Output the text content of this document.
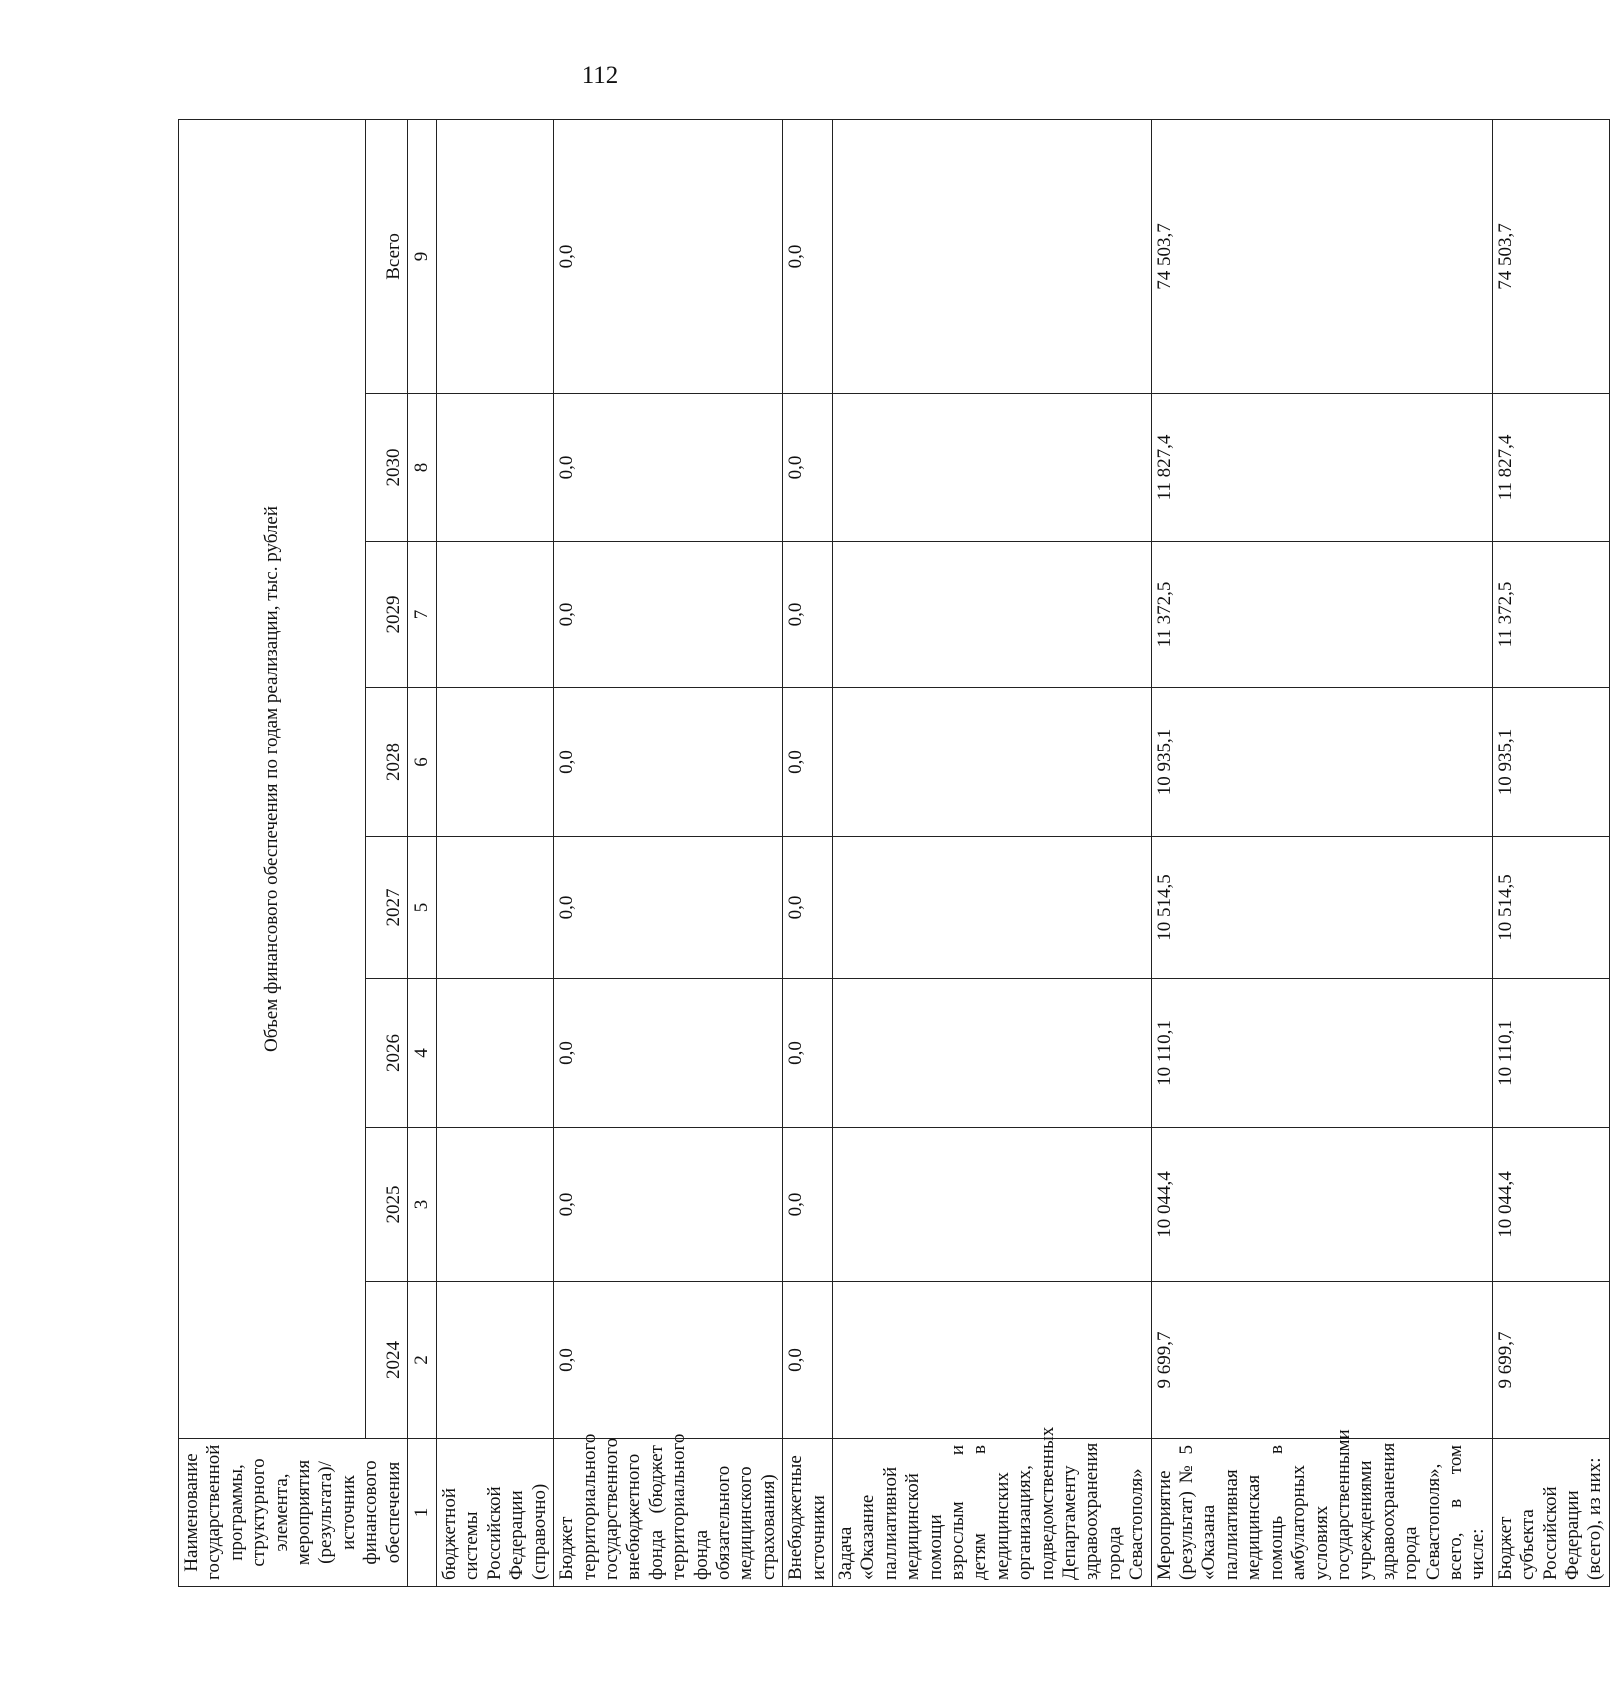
112
Наименование государственной программы, структурного элемента, мероприятия (результата)/источник финансового обеспечения	Объем финансового обеспечения по годам реализации, тыс. рублей							
	2024	2025	2026	2027	2028	2029	2030	Всего
1	2	3	4	5	6	7	8	9
бюджетной системы Российской Федерации (справочно)								
Бюджет территориального государственного внебюджетного фонда (бюджет территориального фонда обязательного медицинского страхования)	0,0	0,0	0,0	0,0	0,0	0,0	0,0	0,0
Внебюджетные источники	0,0	0,0	0,0	0,0	0,0	0,0	0,0	0,0
Задача «Оказание паллиативной медицинской помощи взрослым и детям в медицинских организациях, подведомственных Департаменту здравоохранения города Севастополя»								
Мероприятие (результат) № 5 «Оказана паллиативная медицинская помощь в амбулаторных условиях государственными учреждениями здравоохранения города Севастополя», всего, в том числе:	9 699,7	10 044,4	10 110,1	10 514,5	10 935,1	11 372,5	11 827,4	74 503,7
Бюджет субъекта Российской Федерации (всего), из них:	9 699,7	10 044,4	10 110,1	10 514,5	10 935,1	11 372,5	11 827,4	74 503,7
